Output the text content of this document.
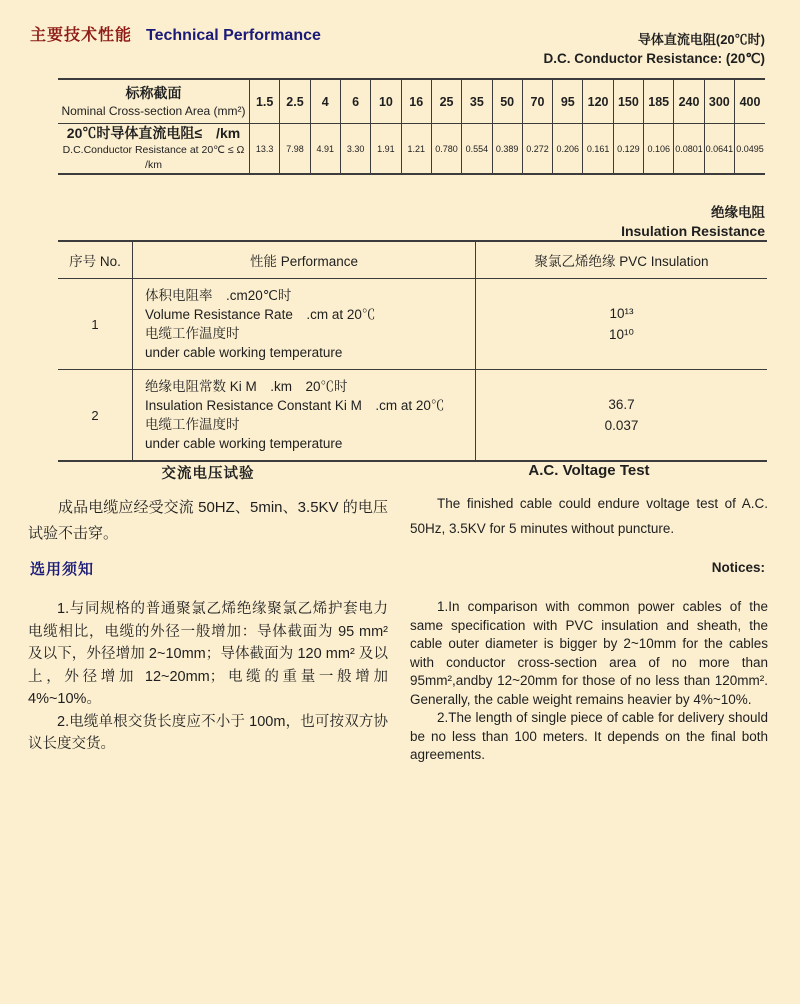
主要技术性能 Technical Performance	导体直流电阻(20℃时)
D.C. Conductor Resistance: (20℃)
标称截面
Nominal Cross-section Area (mm²)	1.5	2.5	4	6	10	16	25	35	50	70	95	120	150	185	240	300	400

20℃时导体直流电阻≤　/km
D.C.Conductor Resistance at 20℃ ≤ Ω /km	13.3	7.98	4.91	3.30	1.91	1.21	0.780	0.554	0.389	0.272	0.206	0.161	0.129	0.106	0.0801	0.0641	0.0495
绝缘电阻
Insulation Resistance
序号 No.	性能 Performance	聚氯乙烯绝缘 PVC Insulation
1	
体积电阻率　.cm20℃时
Volume Resistance Rate　.cm at 20℃
电缆工作温度时
under cable working temperature

10¹³
10¹⁰

2	
绝缘电阻常数 Ki M　.km　20℃时
Insulation Resistance Constant Ki M　.cm at 20℃
电缆工作温度时
under cable working temperature

36.7
0.037
交流电压试验
成品电缆应经受交流 50HZ、5min、3.5KV 的电压试验不击穿。
A.C. Voltage Test
The finished cable could endure voltage test of A.C. 50Hz, 3.5KV for 5 minutes without puncture.
选用须知	Notices:

1.与同规格的普通聚氯乙烯绝缘聚氯乙烯护套电力电缆相比，电缆的外径一般增加：导体截面为 95 mm² 及以下，外径增加 2~10mm；导体截面为 120 mm² 及以上，外径增加 12~20mm；电缆的重量一般增加 4%~10%。

2.电缆单根交货长度应不小于 100m，也可按双方协议长度交货。

1.In comparison with common power cables of the same specification with PVC insulation and sheath, the cable outer diameter is bigger by 2~10mm for the cables with conductor cross-section area of no more than 95mm²,andby 12~20mm for those of no less than 120mm². Generally, the cable weight remains heavier by 4%~10%.

2.The length of single piece of cable for delivery should be no less than 100 meters. It depends on the final both agreements.
